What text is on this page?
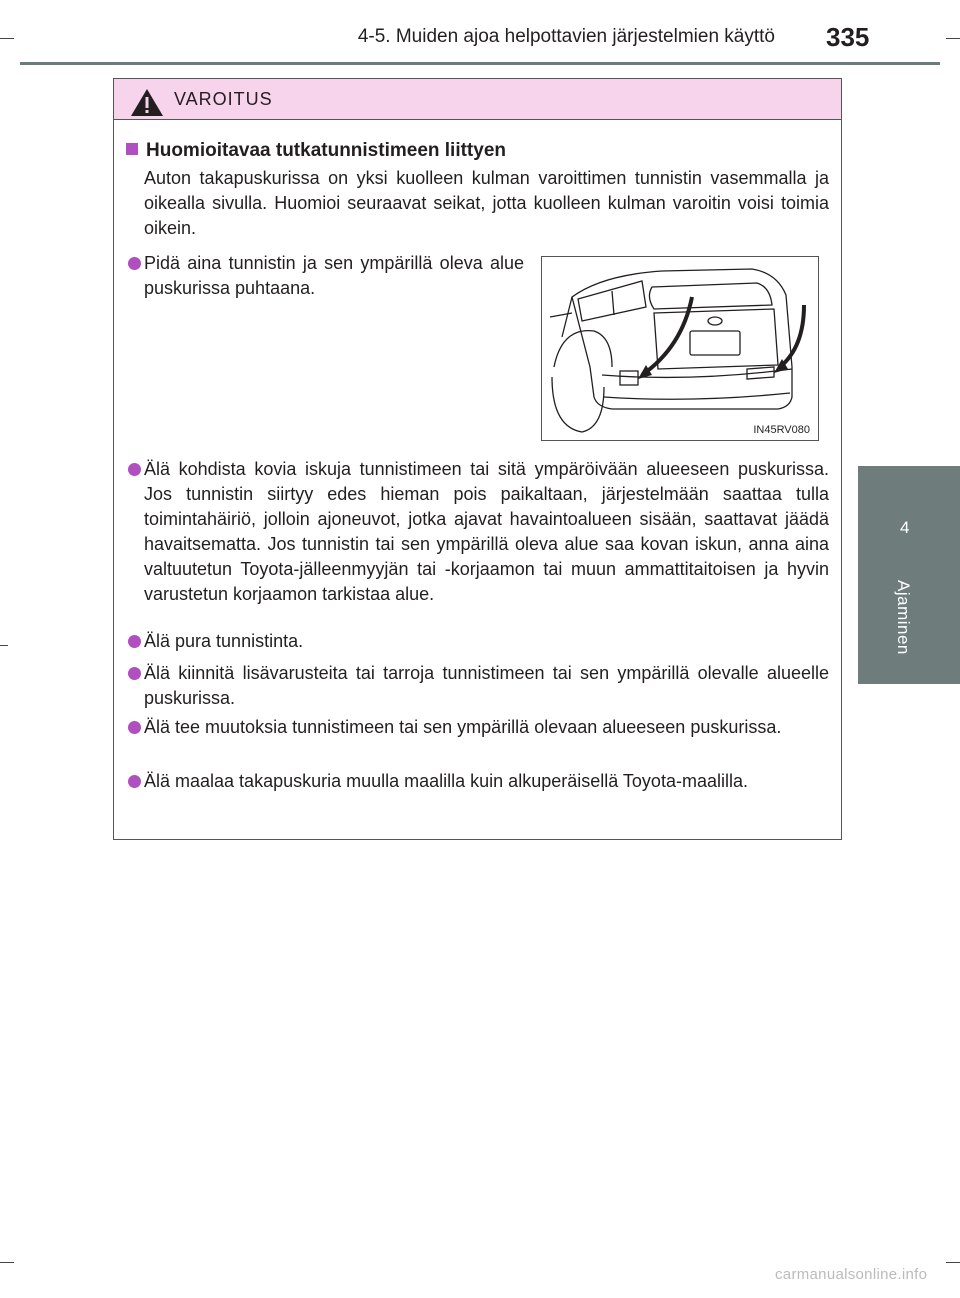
4-5. Muiden ajoa helpottavien järjestelmien käyttö 335
4
Ajaminen
VAROITUS
Huomioitavaa tutkatunnistimeen liittyen
Auton takapuskurissa on yksi kuolleen kulman varoittimen tunnistin vasemmalla ja oikealla sivulla. Huomioi seuraavat seikat, jotta kuolleen kulman varoitin voisi toimia oikein.
Pidä aina tunnistin ja sen ympärillä oleva alue puskurissa puhtaana.
IN45RV080
Älä kohdista kovia iskuja tunnistimeen tai sitä ympäröivään alueeseen puskurissa. Jos tunnistin siirtyy edes hieman pois paikaltaan, järjestelmään saattaa tulla toimintahäiriö, jolloin ajoneuvot, jotka ajavat havaintoalueen sisään, saattavat jäädä havaitsematta. Jos tunnistin tai sen ympärillä oleva alue saa kovan iskun, anna aina valtuutetun Toyota-jälleenmyyjän tai -korjaamon tai muun ammattitaitoisen ja hyvin varustetun korjaamon tarkistaa alue.
Älä pura tunnistinta.
Älä kiinnitä lisävarusteita tai tarroja tunnistimeen tai sen ympärillä olevalle alueelle puskurissa.
Älä tee muutoksia tunnistimeen tai sen ympärillä olevaan alueeseen puskurissa.
Älä maalaa takapuskuria muulla maalilla kuin alkuperäisellä Toyota-maalilla.
carmanualsonline.info
